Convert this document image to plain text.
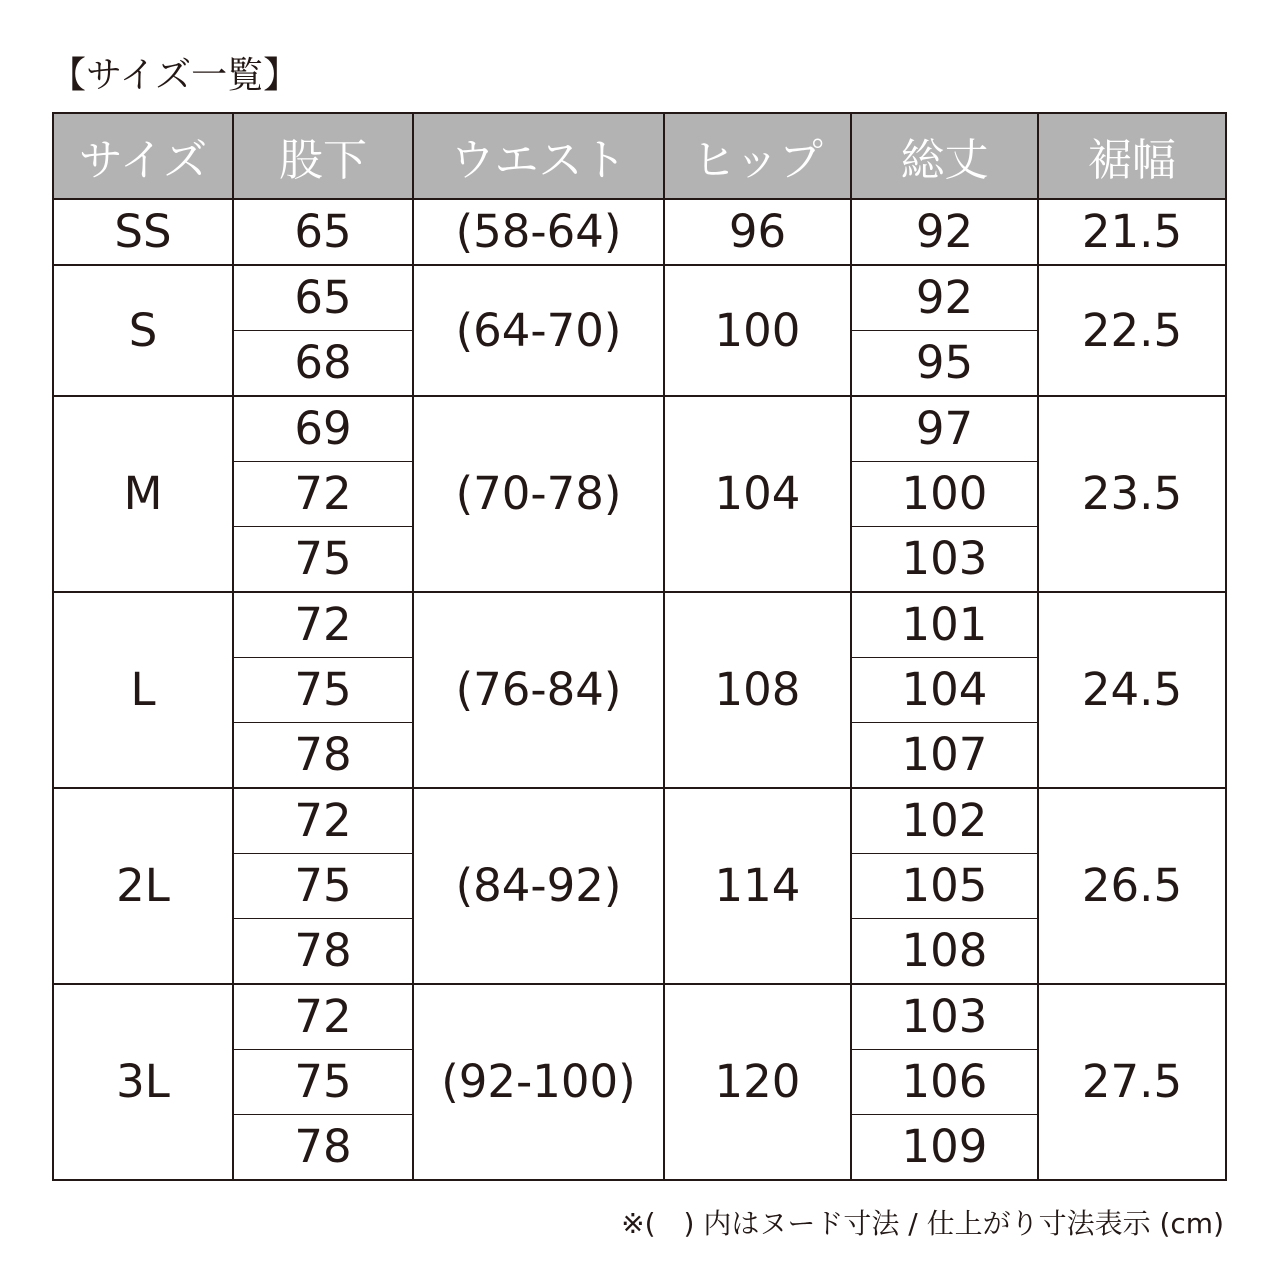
【サイズ一覧】
サイズ	股下	ウエスト	ヒップ	総丈	裾幅
SS	65	(58-64)	96	92	21.5
S	65	(64-70)	100	92	22.5
	68			95	
M	69	(70-78)	104	97	23.5
	72			100	
	75			103	
L	72	(76-84)	108	101	24.5
	75			104	
	78			107	
2L	72	(84-92)	114	102	26.5
	75			105	
	78			108	
3L	72	(92-100)	120	103	27.5
	75			106	
	78			109	
※(　) 内はヌード寸法 / 仕上がり寸法表示 (cm)
